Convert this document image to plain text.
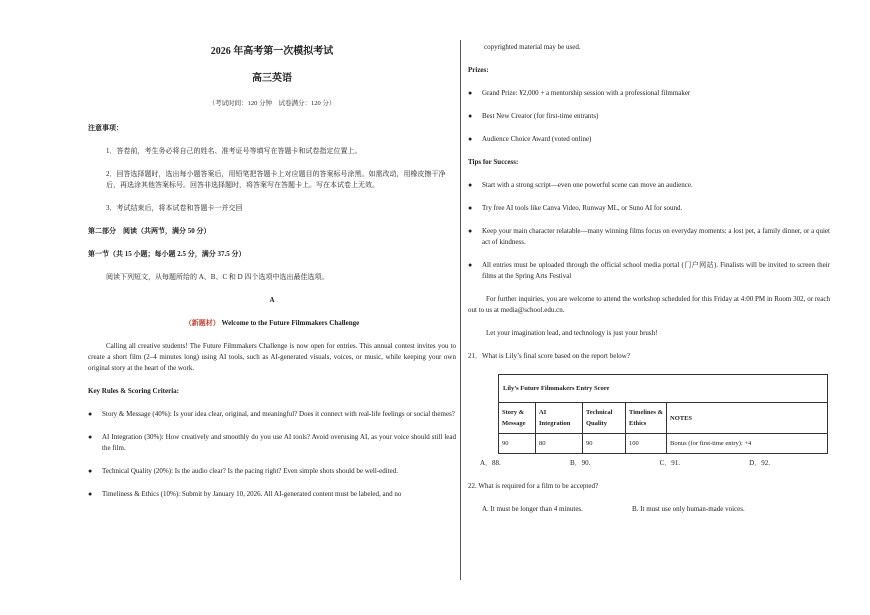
2026 年高考第一次模拟考试
高三英语
（考试时间：120 分钟　试卷满分：120 分）
注意事项：
1．答卷前，考生务必将自己的姓名、准考证号等填写在答题卡和试卷指定位置上。
2．回答选择题时，选出每小题答案后，用铅笔把答题卡上对应题目的答案标号涂黑。如需改动，用橡皮擦干净后，再选涂其他答案标号。回答非选择题时，将答案写在答题卡上。写在本试卷上无效。
3．考试结束后，将本试卷和答题卡一并交回
第二部分　阅读（共两节，满分 50 分）
第一节（共 15 小题；每小题 2.5 分，满分 37.5 分）
阅读下列短文，从每题所给的 A、B、C 和 D 四个选项中选出最佳选项。
A
（新题材） Welcome to the Future Filmmakers Challenge
Calling all creative students! The Future Filmmakers Challenge is now open for entries. This annual contest invites you to create a short film (2–4 minutes long) using AI tools, such as AI-generated visuals, voices, or music, while keeping your own original story at the heart of the work.
Key Rules & Scoring Criteria:
●	Story & Message (40%): Is your idea clear, original, and meaningful? Does it connect with real-life feelings or social themes?
●	AI Integration (30%): How creatively and smoothly do you use AI tools? Avoid overusing AI, as your voice should still lead the film.
●	Technical Quality (20%): Is the audio clear? Is the pacing right? Even simple shots should be well-edited.
●	Timeliness & Ethics (10%): Submit by January 10, 2026. All AI-generated content must be labeled, and no
copyrighted material may be used.
Prizes:
●	Grand Prize: ¥2,000 + a mentorship session with a professional filmmaker
●	Best New Creator (for first-time entrants)
●	Audience Choice Award (voted online)
Tips for Success:
●	Start with a strong script—even one powerful scene can move an audience.
●	Try free AI tools like Canva Video, Runway ML, or Suno AI for sound.
●	Keep your main character relatable—many winning films focus on everyday moments: a lost pet, a family dinner, or a quiet act of kindness.
●	All entries must be uploaded through the official school media portal (门户网站). Finalists will be invited to screen their films at the Spring Arts Festival
For further inquiries, you are welcome to attend the workshop scheduled for this Friday at 4:00 PM in Room 302, or reach out to us at media@school.edu.cn.
Let your imagination lead, and technology is just your brush!
21．What is Lily’s final score based on the report below?
Lily’s Future Filmmakers Entry Score				
Story & Message	AI Integration	Technical Quality	Timelines & Ethics	NOTES
90	80	90	100	Bonus (for first-time entry): +4
A．88.	B．90.	C．91.	D．92.
22. What is required for a film to be accepted?
A. It must be longer than 4 minutes.	B. It must use only human-made voices.
